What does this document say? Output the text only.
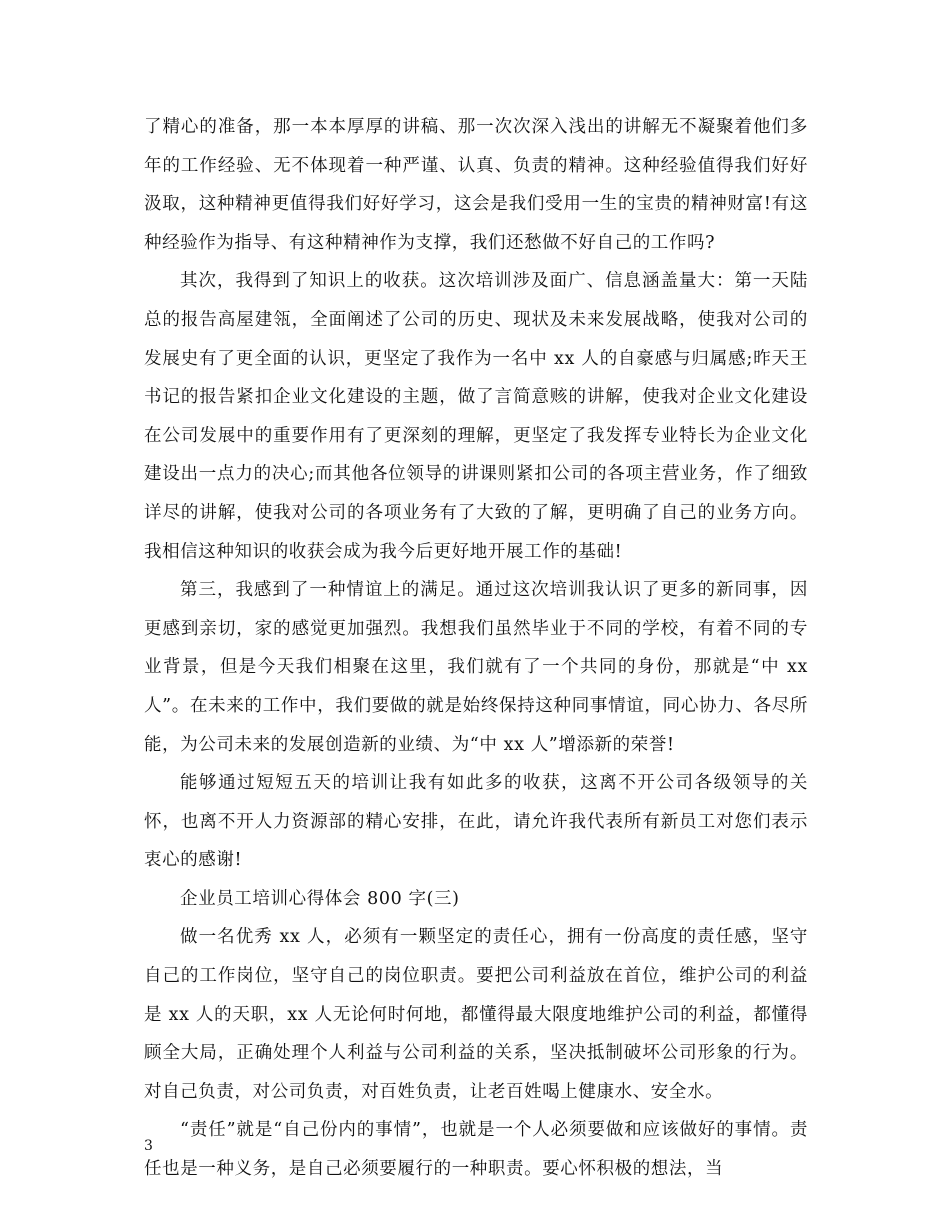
了精心的准备，那一本本厚厚的讲稿、那一次次深入浅出的讲解无不凝聚着他们多年的工作经验、无不体现着一种严谨、认真、负责的精神。这种经验值得我们好好汲取，这种精神更值得我们好好学习，这会是我们受用一生的宝贵的精神财富!有这种经验作为指导、有这种精神作为支撑，我们还愁做不好自己的工作吗?

其次，我得到了知识上的收获。这次培训涉及面广、信息涵盖量大：第一天陆总的报告高屋建瓴，全面阐述了公司的历史、现状及未来发展战略，使我对公司的发展史有了更全面的认识，更坚定了我作为一名中 xx 人的自豪感与归属感;昨天王书记的报告紧扣企业文化建设的主题，做了言简意赅的讲解，使我对企业文化建设在公司发展中的重要作用有了更深刻的理解，更坚定了我发挥专业特长为企业文化建设出一点力的决心;而其他各位领导的讲课则紧扣公司的各项主营业务，作了细致详尽的讲解，使我对公司的各项业务有了大致的了解，更明确了自己的业务方向。我相信这种知识的收获会成为我今后更好地开展工作的基础!

第三，我感到了一种情谊上的满足。通过这次培训我认识了更多的新同事，因更感到亲切，家的感觉更加强烈。我想我们虽然毕业于不同的学校，有着不同的专业背景，但是今天我们相聚在这里，我们就有了一个共同的身份，那就是“中 xx 人”。在未来的工作中，我们要做的就是始终保持这种同事情谊，同心协力、各尽所能，为公司未来的发展创造新的业绩、为“中 xx 人”增添新的荣誉!

能够通过短短五天的培训让我有如此多的收获，这离不开公司各级领导的关怀，也离不开人力资源部的精心安排，在此，请允许我代表所有新员工对您们表示衷心的感谢!

企业员工培训心得体会 800 字(三)

做一名优秀 xx 人，必须有一颗坚定的责任心，拥有一份高度的责任感，坚守自己的工作岗位，坚守自己的岗位职责。要把公司利益放在首位，维护公司的利益是 xx 人的天职，xx 人无论何时何地，都懂得最大限度地维护公司的利益，都懂得顾全大局，正确处理个人利益与公司利益的关系，坚决抵制破坏公司形象的行为。对自己负责，对公司负责，对百姓负责，让老百姓喝上健康水、安全水。

“责任”就是“自己份内的事情”，也就是一个人必须要做和应该做好的事情。责任也是一种义务，是自己必须要履行的一种职责。要心怀积极的想法，当

3
